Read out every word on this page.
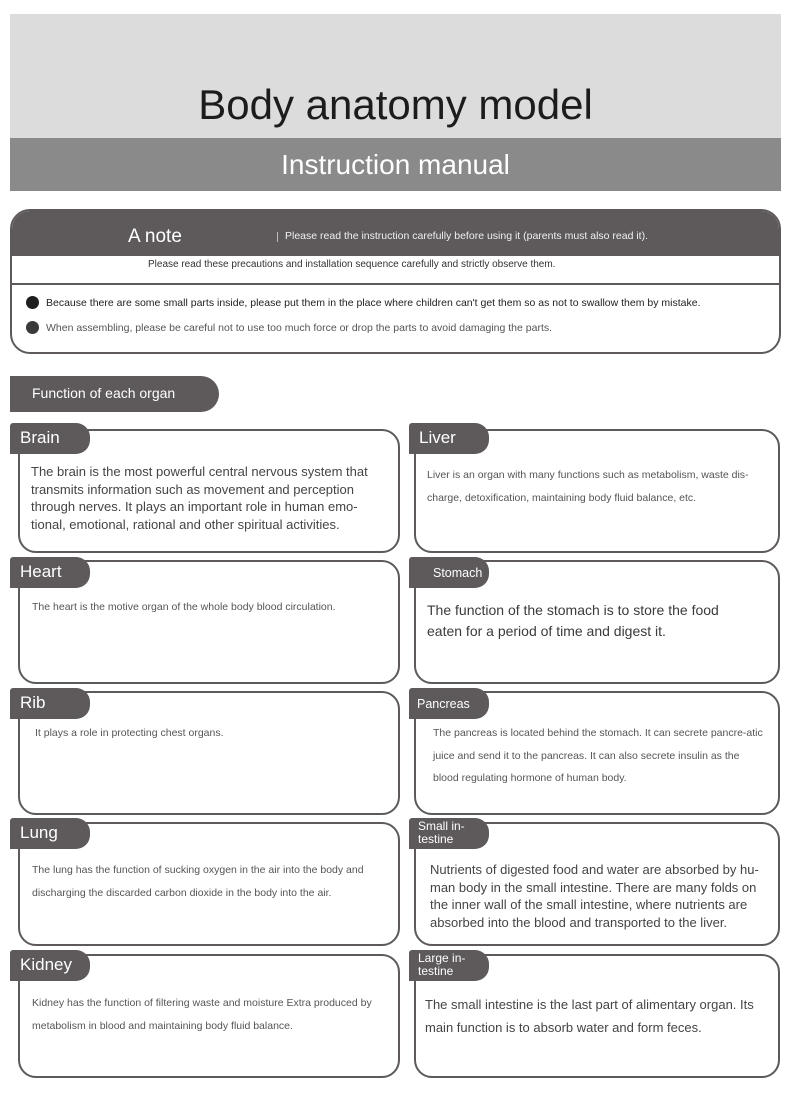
Body anatomy model
Instruction manual
A note	Please read the instruction carefully before using it (parents must also read it).
Please read these precautions and installation sequence carefully and strictly observe them.
Because there are some small parts inside, please put them in the place where children can't get them so as not to swallow them by mistake.
When assembling, please be careful not to use too much force or drop the parts to avoid damaging the parts.
Function of each organ
The brain is the most powerful central nervous system that transmits information such as movement and perception through nerves. It plays an important role in human emo-tional, emotional, rational and other spiritual activities.
Brain
Liver is an organ with many functions such as metabolism, waste dis-charge, detoxification, maintaining body fluid balance, etc.
Liver
The heart is the motive organ of the whole body blood circulation.
Heart
The function of the stomach is to store the food eaten for a period of time and digest it.
Stomach
It plays a role in protecting chest organs.
Rib
The pancreas is located behind the stomach. It can secrete pancre-atic juice and send it to the pancreas. It can also secrete insulin as the blood regulating hormone of human body.
Pancreas
The lung has the function of sucking oxygen in the air into the body and discharging the discarded carbon dioxide in the body into the air.
Lung
Nutrients of digested food and water are absorbed by hu-man body in the small intestine. There are many folds on the inner wall of the small intestine, where nutrients are absorbed into the blood and transported to the liver.
Small in-testine
Kidney has the function of filtering waste and moisture Extra produced by metabolism in blood and maintaining body fluid balance.
Kidney
The small intestine is the last part of alimentary organ. Its main function is to absorb water and form feces.
Large in-testine
